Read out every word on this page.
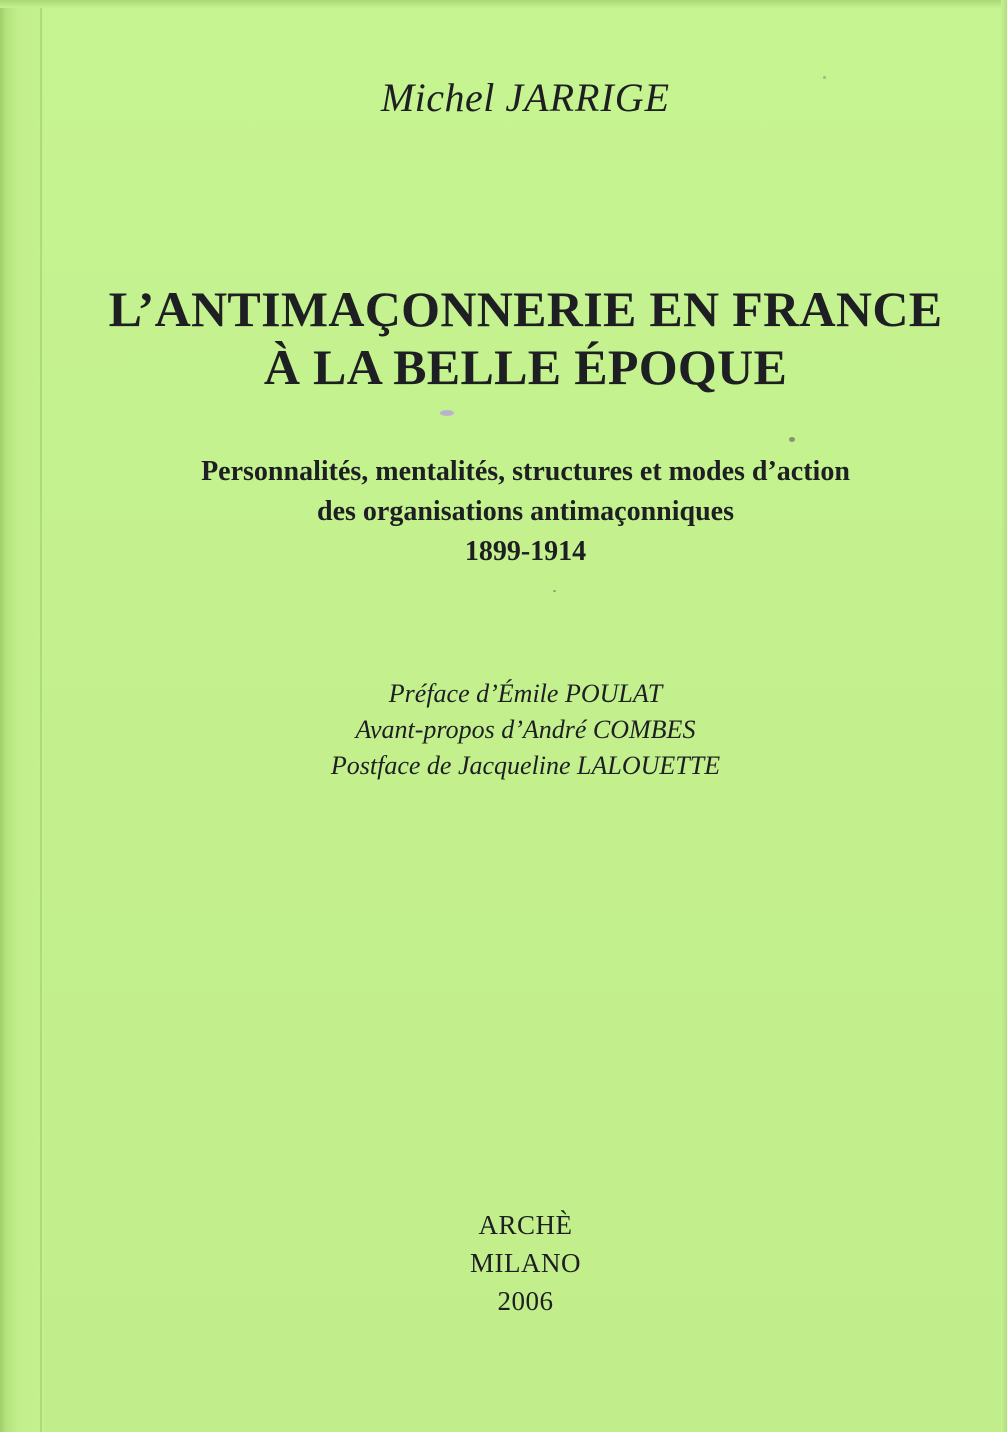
Michel JARRIGE
L’ANTIMAÇONNERIE EN FRANCE
À LA BELLE ÉPOQUE
Personnalités, mentalités, structures et modes d’action
des organisations antimaçonniques
1899-1914
Préface d’Émile POULAT
Avant-propos d’André COMBES
Postface de Jacqueline LALOUETTE
ARCHÈ
MILANO
2006
